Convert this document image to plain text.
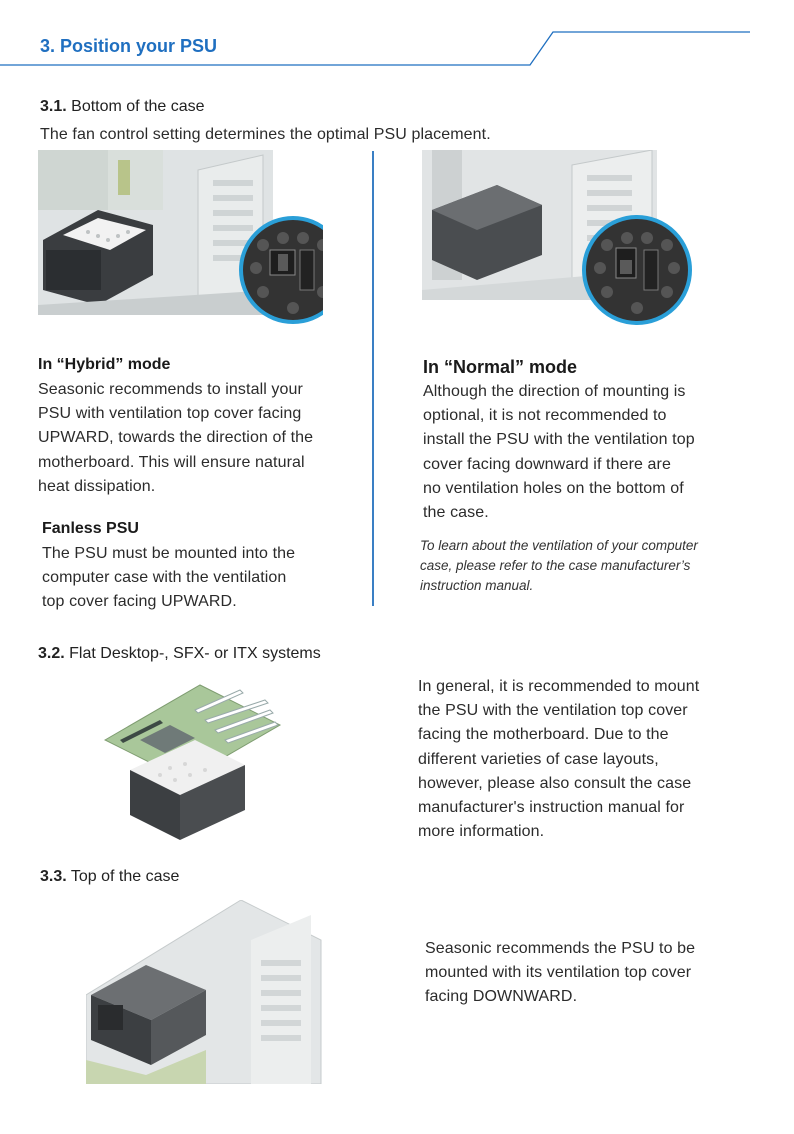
3. Position your PSU
3.1. Bottom of the case
The fan control setting determines the optimal PSU placement.
In “Hybrid” mode
Seasonic recommends to install your
PSU with ventilation top cover facing
UPWARD, towards the direction of the
motherboard. This will ensure natural
heat dissipation.
Fanless PSU
The PSU must be mounted into the
computer case with the ventilation
top cover facing UPWARD.
In “Normal” mode
Although the direction of mounting is
optional, it is not recommended to
install the PSU with the ventilation top
cover facing downward if there are
no ventilation holes on the bottom of
the case.
To learn about the ventilation of your computer
case, please refer to the case manufacturer’s
instruction manual.
3.2. Flat Desktop-, SFX- or ITX systems
In general, it is recommended to mount
the PSU with the ventilation top cover
facing the motherboard. Due to the
different varieties of case layouts,
however, please also consult the case
manufacturer's instruction manual for
more information.
3.3. Top of the case
Seasonic recommends the PSU to be
mounted with its ventilation top cover
facing DOWNWARD.
